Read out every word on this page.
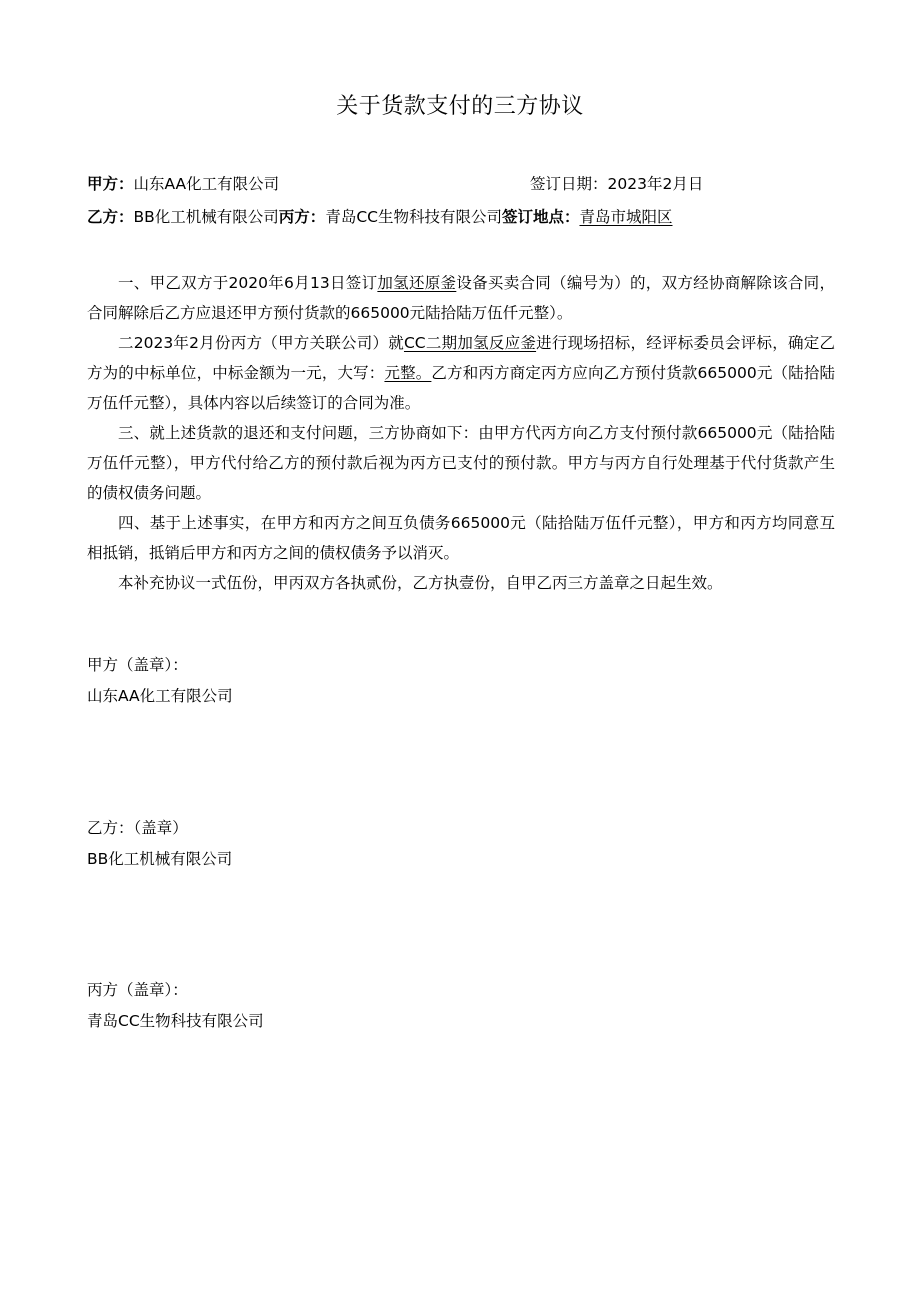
关于货款支付的三方协议
甲方：山东AA化工有限公司	签订日期：2023年2月日
乙方：BB化工机械有限公司丙方：青岛CC生物科技有限公司签订地点：青岛市城阳区

一、甲乙双方于2020年6月13日签订加氢还原釜设备买卖合同（编号为）的，双方经协商解除该合同，合同解除后乙方应退还甲方预付货款的665000元陆拾陆万伍仟元整）。

二2023年2月份丙方（甲方关联公司）就CC二期加氢反应釜进行现场招标，经评标委员会评标，确定乙方为的中标单位，中标金额为一元，大写：元整。乙方和丙方商定丙方应向乙方预付货款665000元（陆拾陆万伍仟元整），具体内容以后续签订的合同为准。

三、就上述货款的退还和支付问题，三方协商如下：由甲方代丙方向乙方支付预付款665000元（陆拾陆万伍仟元整），甲方代付给乙方的预付款后视为丙方已支付的预付款。甲方与丙方自行处理基于代付货款产生的债权债务问题。

四、基于上述事实，在甲方和丙方之间互负债务665000元（陆拾陆万伍仟元整），甲方和丙方均同意互相抵销，抵销后甲方和丙方之间的债权债务予以消灭。

本补充协议一式伍份，甲丙双方各执贰份，乙方执壹份，自甲乙丙三方盖章之日起生效。

甲方（盖章）：
山东AA化工有限公司
乙方：（盖章）
BB化工机械有限公司
丙方（盖章）：
青岛CC生物科技有限公司
